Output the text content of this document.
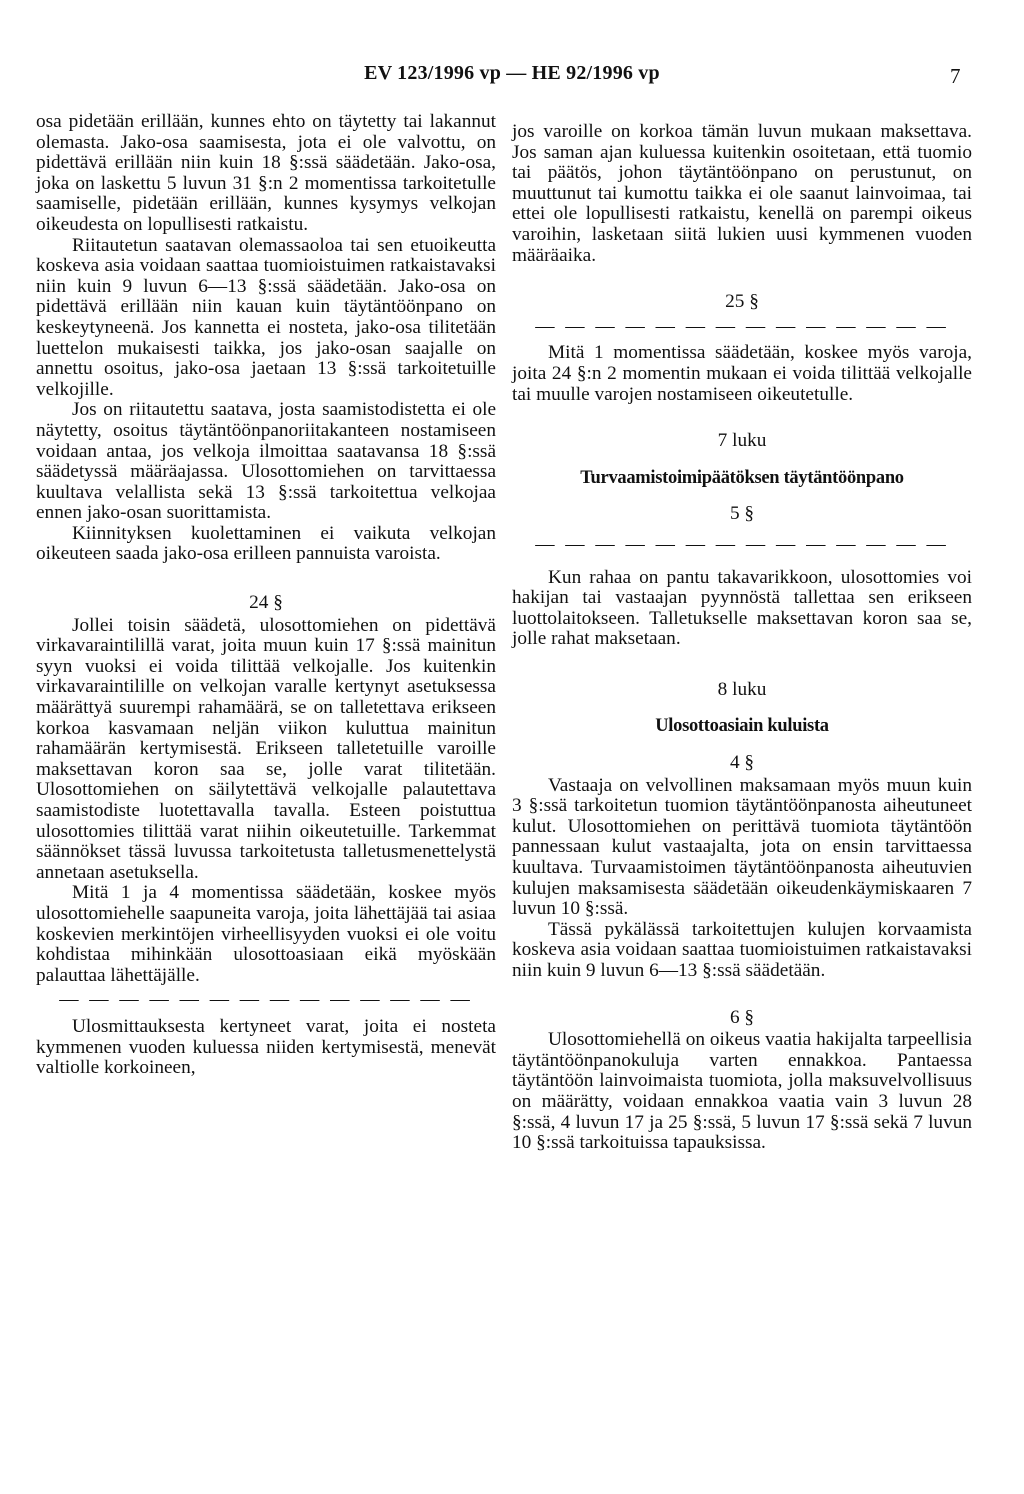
EV 123/1996 vp — HE 92/1996 vp	7

osa pidetään erillään, kunnes ehto on täytetty tai lakannut olemasta. Jako-osa saamisesta, jota ei ole valvottu, on pidettävä erillään niin kuin 18 §:ssä säädetään. Jako-osa, joka on laskettu 5 luvun 31 §:n 2 momentissa tarkoitetulle saamiselle, pidetään erillään, kunnes kysymys velkojan oikeudesta on lopullisesti ratkaistu.

Riitautetun saatavan olemassaoloa tai sen etuoikeutta koskeva asia voidaan saattaa tuomioistuimen ratkaistavaksi niin kuin 9 luvun 6—13 §:ssä säädetään. Jako-osa on pidettävä erillään niin kauan kuin täytäntöönpano on keskeytyneenä. Jos kannetta ei nosteta, jako-osa tilitetään luettelon mukaisesti taikka, jos jako-osan saajalle on annettu osoitus, jako-osa jaetaan 13 §:ssä tarkoitetuille velkojille.

Jos on riitautettu saatava, josta saamistodistetta ei ole näytetty, osoitus täytäntöönpanoriitakanteen nostamiseen voidaan antaa, jos velkoja ilmoittaa saatavansa 18 §:ssä säädetyssä määräajassa. Ulosottomiehen on tarvittaessa kuultava velallista sekä 13 §:ssä tarkoitettua velkojaa ennen jako-osan suorittamista.

Kiinnityksen kuolettaminen ei vaikuta velkojan oikeuteen saada jako-osa erilleen pannuista varoista.

24 §

Jollei toisin säädetä, ulosottomiehen on pidettävä virkavaraintilillä varat, joita muun kuin 17 §:ssä mainitun syyn vuoksi ei voida tilittää velkojalle. Jos kuitenkin virkavaraintilille on velkojan varalle kertynyt asetuksessa määrättyä suurempi rahamäärä, se on talletettava erikseen korkoa kasvamaan neljän viikon kuluttua mainitun rahamäärän kertymisestä. Erikseen talletetuille varoille maksettavan koron saa se, jolle varat tilitetään. Ulosottomiehen on säilytettävä velkojalle palautettava saamistodiste luotettavalla tavalla. Esteen poistuttua ulosottomies tilittää varat niihin oikeutetuille. Tarkemmat säännökset tässä luvussa tarkoitetusta talletusmenettelystä annetaan asetuksella.

Mitä 1 ja 4 momentissa säädetään, koskee myös ulosottomiehelle saapuneita varoja, joita lähettäjää tai asiaa koskevien merkintöjen virheellisyyden vuoksi ei ole voitu kohdistaa mihinkään ulosottoasiaan eikä myöskään palauttaa lähettäjälle.

— — — — — — — — — — — — — —

Ulosmittauksesta kertyneet varat, joita ei nosteta kymmenen vuoden kuluessa niiden kertymisestä, menevät valtiolle korkoineen,

jos varoille on korkoa tämän luvun mukaan maksettava. Jos saman ajan kuluessa kuitenkin osoitetaan, että tuomio tai päätös, johon täytäntöönpano on perustunut, on muuttunut tai kumottu taikka ei ole saanut lainvoimaa, tai ettei ole lopullisesti ratkaistu, kenellä on parempi oikeus varoihin, lasketaan siitä lukien uusi kymmenen vuoden määräaika.

25 §
— — — — — — — — — — — — — —

Mitä 1 momentissa säädetään, koskee myös varoja, joita 24 §:n 2 momentin mukaan ei voida tilittää velkojalle tai muulle varojen nostamiseen oikeutetulle.

7 luku
Turvaamistoimipäätöksen täytäntöönpano
5 §
— — — — — — — — — — — — — —

Kun rahaa on pantu takavarikkoon, ulosottomies voi hakijan tai vastaajan pyynnöstä tallettaa sen erikseen luottolaitokseen. Talletukselle maksettavan koron saa se, jolle rahat maksetaan.

8 luku
Ulosottoasiain kuluista
4 §

Vastaaja on velvollinen maksamaan myös muun kuin 3 §:ssä tarkoitetun tuomion täytäntöönpanosta aiheutuneet kulut. Ulosottomiehen on perittävä tuomiota täytäntöön pannessaan kulut vastaajalta, jota on ensin tarvittaessa kuultava. Turvaamistoimen täytäntöönpanosta aiheutuvien kulujen maksamisesta säädetään oikeudenkäymiskaaren 7 luvun 10 §:ssä.

Tässä pykälässä tarkoitettujen kulujen korvaamista koskeva asia voidaan saattaa tuomioistuimen ratkaistavaksi niin kuin 9 luvun 6—13 §:ssä säädetään.

6 §

Ulosottomiehellä on oikeus vaatia hakijalta tarpeellisia täytäntöönpanokuluja varten ennakkoa. Pantaessa täytäntöön lainvoimaista tuomiota, jolla maksuvelvollisuus on määrätty, voidaan ennakkoa vaatia vain 3 luvun 28 §:ssä, 4 luvun 17 ja 25 §:ssä, 5 luvun 17 §:ssä sekä 7 luvun 10 §:ssä tarkoituissa tapauksissa.
